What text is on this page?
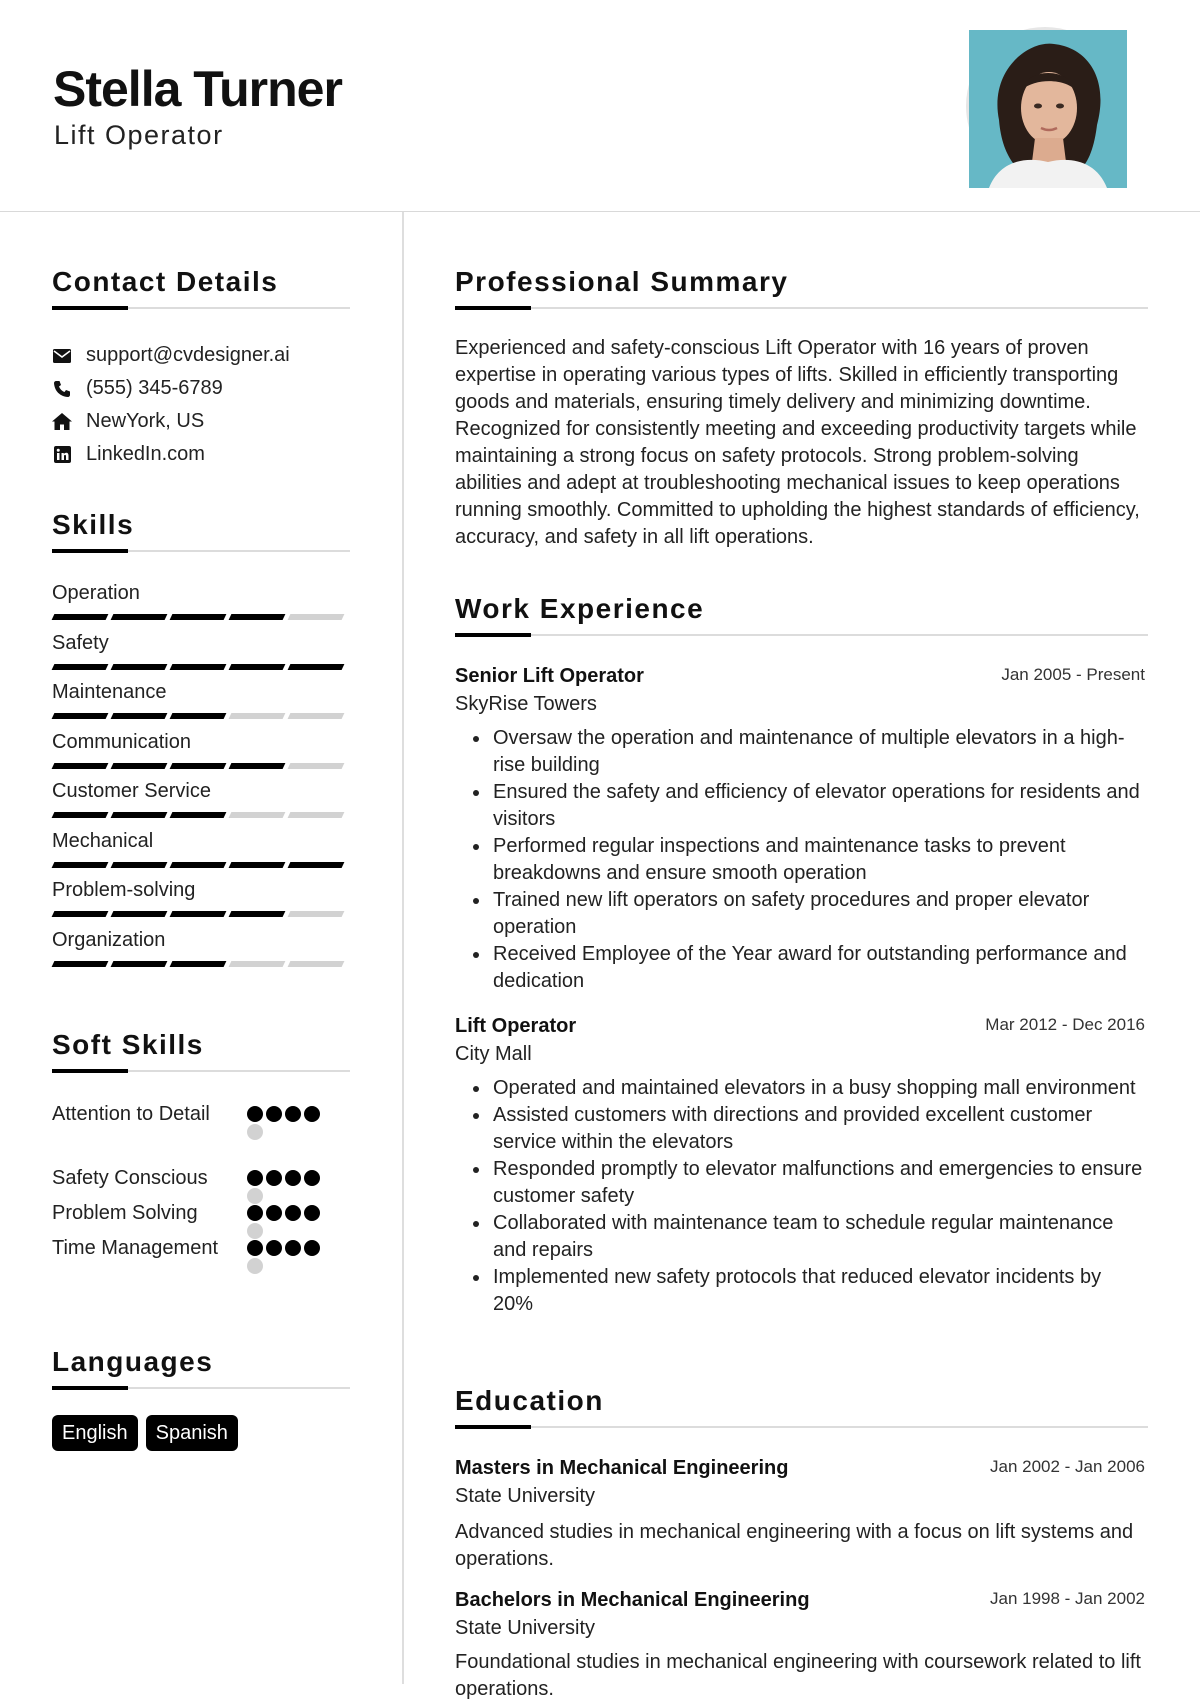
Stella Turner
Lift Operator
Contact Details
support@cvdesigner.ai
(555) 345-6789
NewYork, US
LinkedIn.com
Skills
Operation
Safety
Maintenance
Communication
Customer Service
Mechanical
Problem-solving
Organization
Soft Skills
Attention to Detail
Safety Conscious
Problem Solving
Time Management
Languages
English	Spanish
Professional Summary
Experienced and safety-conscious Lift Operator with 16 years of proven expertise in operating various types of lifts. Skilled in efficiently transporting goods and materials, ensuring timely delivery and minimizing downtime. Recognized for consistently meeting and exceeding productivity targets while maintaining a strong focus on safety protocols. Strong problem-solving abilities and adept at troubleshooting mechanical issues to keep operations running smoothly. Committed to upholding the highest standards of efficiency, accuracy, and safety in all lift operations.
Work Experience
Senior Lift Operator	Jan 2005 - Present
SkyRise Towers
Oversaw the operation and maintenance of multiple elevators in a high-rise building
Ensured the safety and efficiency of elevator operations for residents and visitors
Performed regular inspections and maintenance tasks to prevent breakdowns and ensure smooth operation
Trained new lift operators on safety procedures and proper elevator operation
Received Employee of the Year award for outstanding performance and dedication
Lift Operator	Mar 2012 - Dec 2016
City Mall
Operated and maintained elevators in a busy shopping mall environment
Assisted customers with directions and provided excellent customer service within the elevators
Responded promptly to elevator malfunctions and emergencies to ensure customer safety
Collaborated with maintenance team to schedule regular maintenance and repairs
Implemented new safety protocols that reduced elevator incidents by 20%
Education
Masters in Mechanical Engineering	Jan 2002 - Jan 2006
State University
Advanced studies in mechanical engineering with a focus on lift systems and operations.
Bachelors in Mechanical Engineering	Jan 1998 - Jan 2002
State University
Foundational studies in mechanical engineering with coursework related to lift operations.
